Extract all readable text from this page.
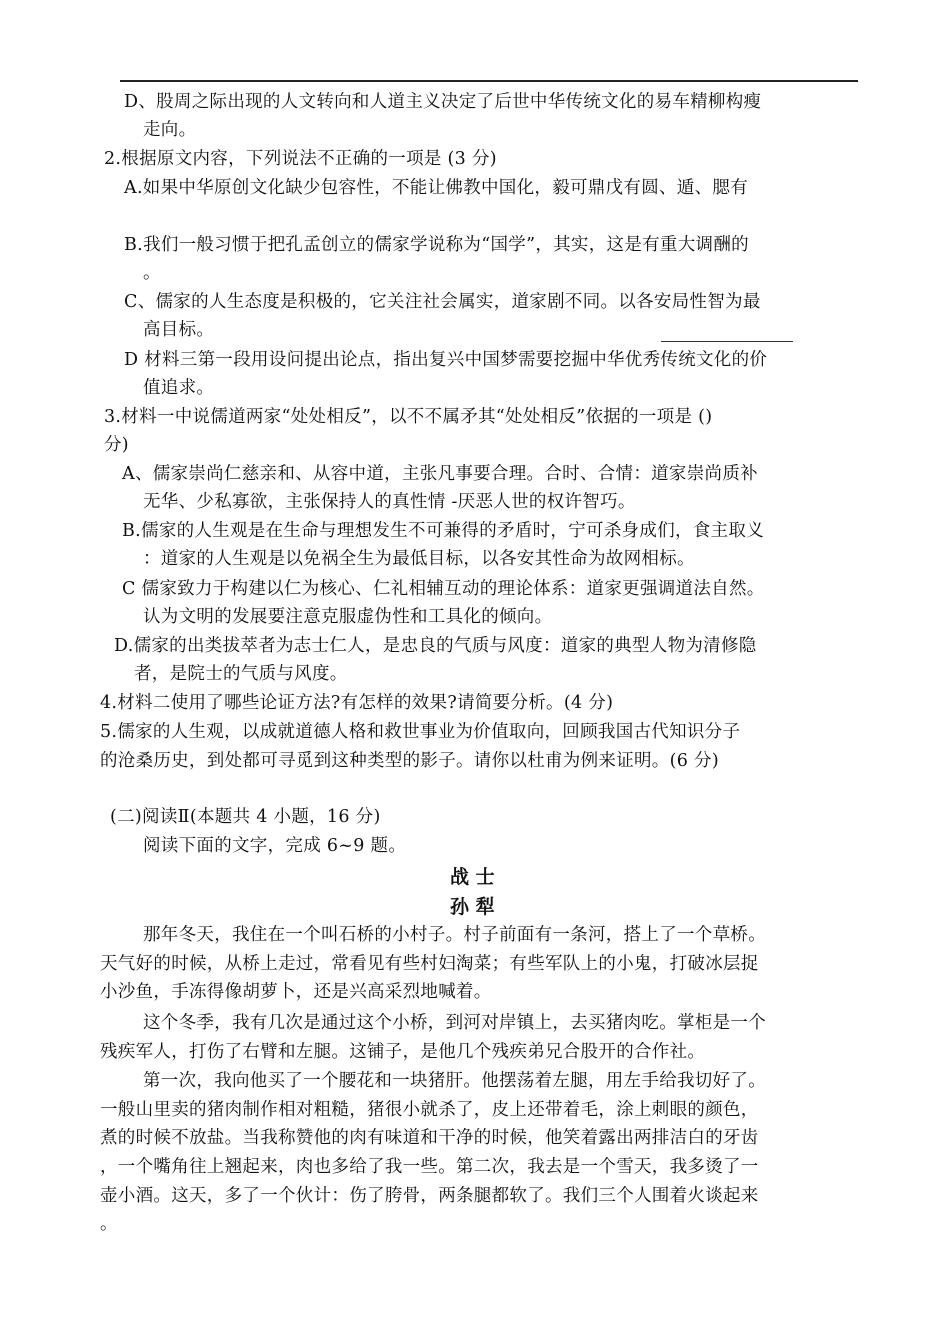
D、股周之际出现的人文转向和人道主义决定了后世中华传统文化的易车精柳构瘦
走向。
2.根据原文内容，下列说法不正确的一项是 (3 分)
A.如果中华原创文化缺少包容性，不能让佛教中国化，毅可鼎戊有圆、遁、腮有
B.我们一般习惯于把孔孟创立的儒家学说称为“国学”，其实，这是有重大调酬的
。
C、儒家的人生态度是积极的，它关注社会属实，道家剧不同。以各安局性智为最
高目标。
D 材料三第一段用设问提出论点，指出复兴中国梦需要挖掘中华优秀传统文化的价
值追求。
3.材料一中说儒道两家“处处相反”，以不不属矛其“处处相反”依据的一项是 ()
分)
A、儒家崇尚仁慈亲和、从容中道，主张凡事要合理。合时、合情：道家崇尚质补
无华、少私寡欲，主张保持人的真性情 -厌恶人世的权许智巧。
B.儒家的人生观是在生命与理想发生不可兼得的矛盾时，宁可杀身成们，食主取义
：道家的人生观是以免祸全生为最低目标，以各安其性命为故网相标。
C 儒家致力于构建以仁为核心、仁礼相辅互动的理论体系：道家更强调道法自然。
认为文明的发展要注意克服虚伪性和工具化的倾向。
D.儒家的出类拔萃者为志士仁人，是忠良的气质与风度：道家的典型人物为清修隐
者，是院士的气质与风度。
4.材料二使用了哪些论证方法?有怎样的效果?请简要分析。(4 分)
5.儒家的人生观，以成就道德人格和救世事业为价值取向，回顾我国古代知识分子
的沧桑历史，到处都可寻觅到这种类型的影子。请你以杜甫为例来证明。(6 分)
(二)阅读Ⅱ(本题共 4 小题，16 分)
阅读下面的文字，完成 6~9 题。
战 士
孙 犁
那年冬天，我住在一个叫石桥的小村子。村子前面有一条河，搭上了一个草桥。
天气好的时候，从桥上走过，常看见有些村妇淘菜；有些军队上的小鬼，打破冰层捉
小沙鱼，手冻得像胡萝卜，还是兴高采烈地喊着。
这个冬季，我有几次是通过这个小桥，到河对岸镇上，去买猪肉吃。掌柜是一个
残疾军人，打伤了右臂和左腿。这铺子，是他几个残疾弟兄合股开的合作社。
第一次，我向他买了一个腰花和一块猪肝。他摆荡着左腿，用左手给我切好了。
一般山里卖的猪肉制作相对粗糙，猪很小就杀了，皮上还带着毛，涂上刺眼的颜色，
煮的时候不放盐。当我称赞他的肉有味道和干净的时候，他笑着露出两排洁白的牙齿
，一个嘴角往上翘起来，肉也多给了我一些。第二次，我去是一个雪天，我多烫了一
壶小酒。这天，多了一个伙计：伤了胯骨，两条腿都软了。我们三个人围着火谈起来
。
